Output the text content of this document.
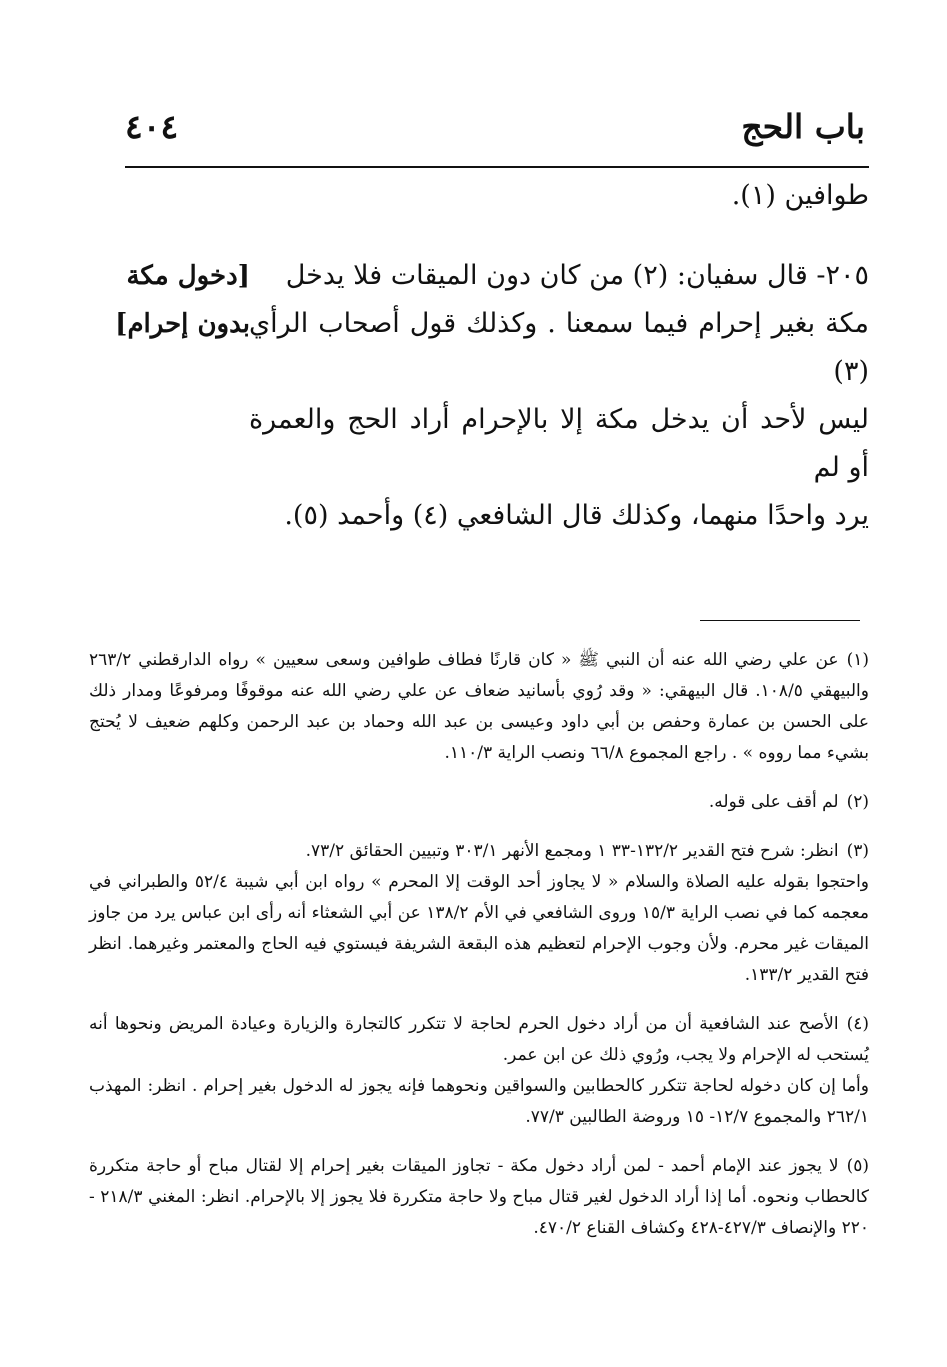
باب الحج
٤٠٤
طوافين (١).
٢٠٥- قال سفيان: (٢) من كان دون الميقات فلا يدخل
مكة بغير إحرام فيما سمعنا . وكذلك قول أصحاب الرأي (٣)
ليس لأحد أن يدخل مكة إلا بالإحرام أراد الحج والعمرة أو لم
يرد واحدًا منهما، وكذلك قال الشافعي (٤) وأحمد (٥).
[دخول مكة بدون إحرام]

(١)عن علي رضي الله عنه أن النبي ﷺ « كان قارنًا فطاف طوافين وسعى سعيين » رواه الدارقطني ٢٦٣/٢ والبيهقي ١٠٨/٥. قال البيهقي: « وقد رُوي بأسانيد ضعاف عن علي رضي الله عنه موقوفًا ومرفوعًا ومدار ذلك على الحسن بن عمارة وحفص بن أبي داود وعيسى بن عبد الله وحماد بن عبد الرحمن وكلهم ضعيف لا يُحتج بشيء مما رووه » . راجع المجموع ٦٦/٨ ونصب الراية ١١٠/٣.

(٢)لم أقف على قوله.

(٣)انظر: شرح فتح القدير ١٣٢/٢-٣٣ ١ ومجمع الأنهر ٣٠٣/١ وتبيين الحقائق ٧٣/٢.

واحتجوا بقوله عليه الصلاة والسلام « لا يجاوز أحد الوقت إلا المحرم » رواه ابن أبي شيبة ٥٢/٤ والطبراني في معجمه كما في نصب الراية ١٥/٣ وروى الشافعي في الأم ١٣٨/٢ عن أبي الشعثاء أنه رأى ابن عباس يرد من جاوز الميقات غير محرم. ولأن وجوب الإحرام لتعظيم هذه البقعة الشريفة فيستوي فيه الحاج والمعتمر وغيرهما. انظر فتح القدير ١٣٣/٢.

(٤)الأصح عند الشافعية أن من أراد دخول الحرم لحاجة لا تتكرر كالتجارة والزيارة وعيادة المريض ونحوها أنه يُستحب له الإحرام ولا يجب، ورُوي ذلك عن ابن عمر.

وأما إن كان دخوله لحاجة تتكرر كالحطابين والسواقين ونحوهما فإنه يجوز له الدخول بغير إحرام . انظر: المهذب ٢٦٢/١ والمجموع ١٢/٧- ١٥ وروضة الطالبين ٧٧/٣.

(٥)لا يجوز عند الإمام أحمد - لمن أراد دخول مكة - تجاوز الميقات بغير إحرام إلا لقتال مباح أو حاجة متكررة كالحطاب ونحوه. أما إذا أراد الدخول لغير قتال مباح ولا حاجة متكررة فلا يجوز إلا بالإحرام. انظر: المغني ٢١٨/٣ - ٢٢٠ والإنصاف ٤٢٧/٣-٤٢٨ وكشاف القناع ٤٧٠/٢.
